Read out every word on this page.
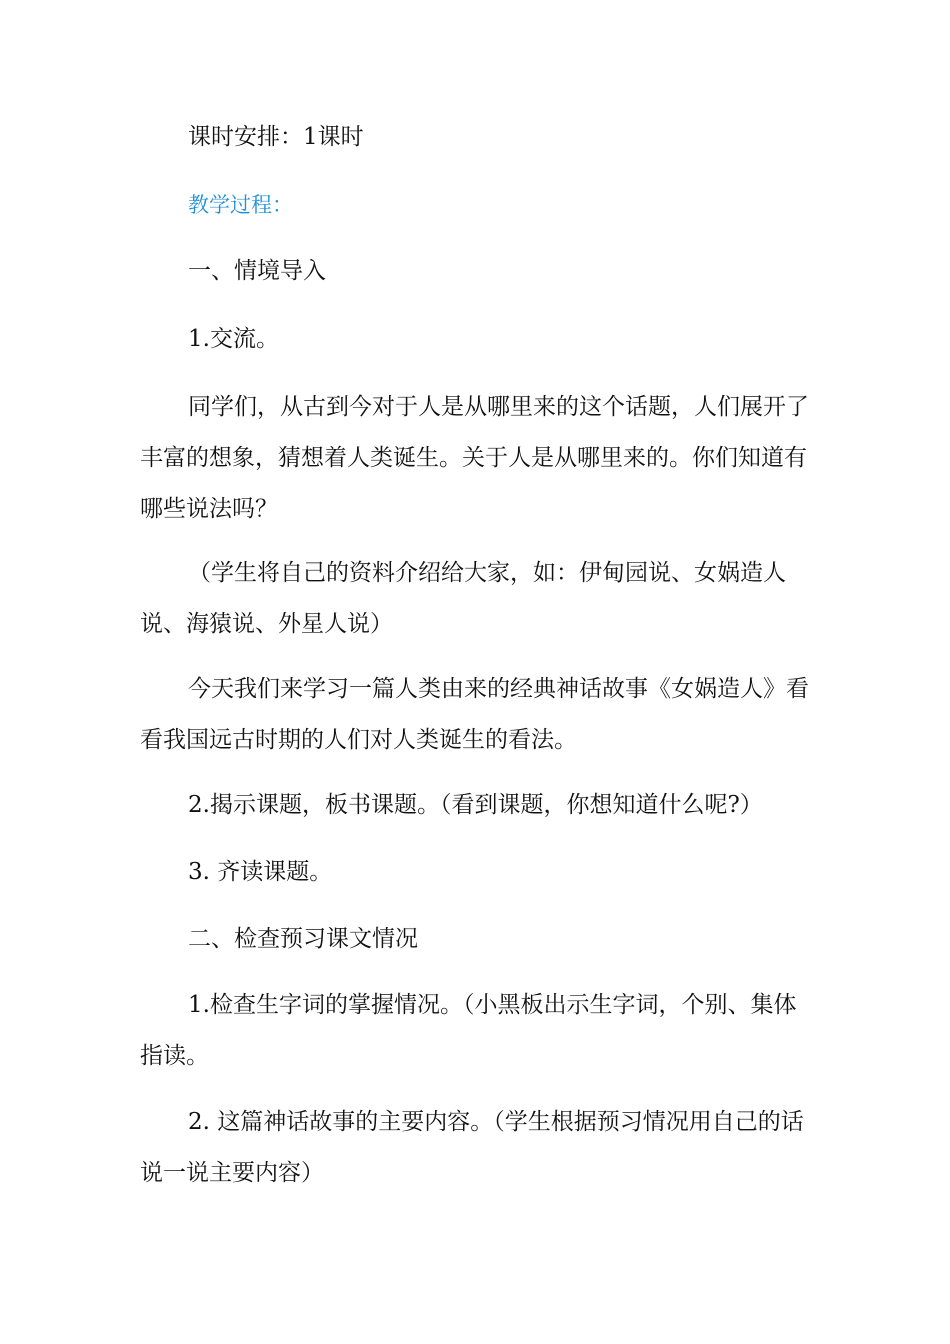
课时安排：1课时

教学过程：

一、情境导入

1.交流。

同学们，从古到今对于人是从哪里来的这个话题，人们展开了丰富的想象，猜想着人类诞生。关于人是从哪里来的。你们知道有哪些说法吗？

（学生将自己的资料介绍给大家，如：伊甸园说、女娲造人说、海猿说、外星人说）

今天我们来学习一篇人类由来的经典神话故事《女娲造人》看看我国远古时期的人们对人类诞生的看法。

2.揭示课题，板书课题。（看到课题，你想知道什么呢?）

3. 齐读课题。

二、检查预习课文情况

1.检查生字词的掌握情况。（小黑板出示生字词，个别、集体指读。

2. 这篇神话故事的主要内容。（学生根据预习情况用自己的话说一说主要内容）
